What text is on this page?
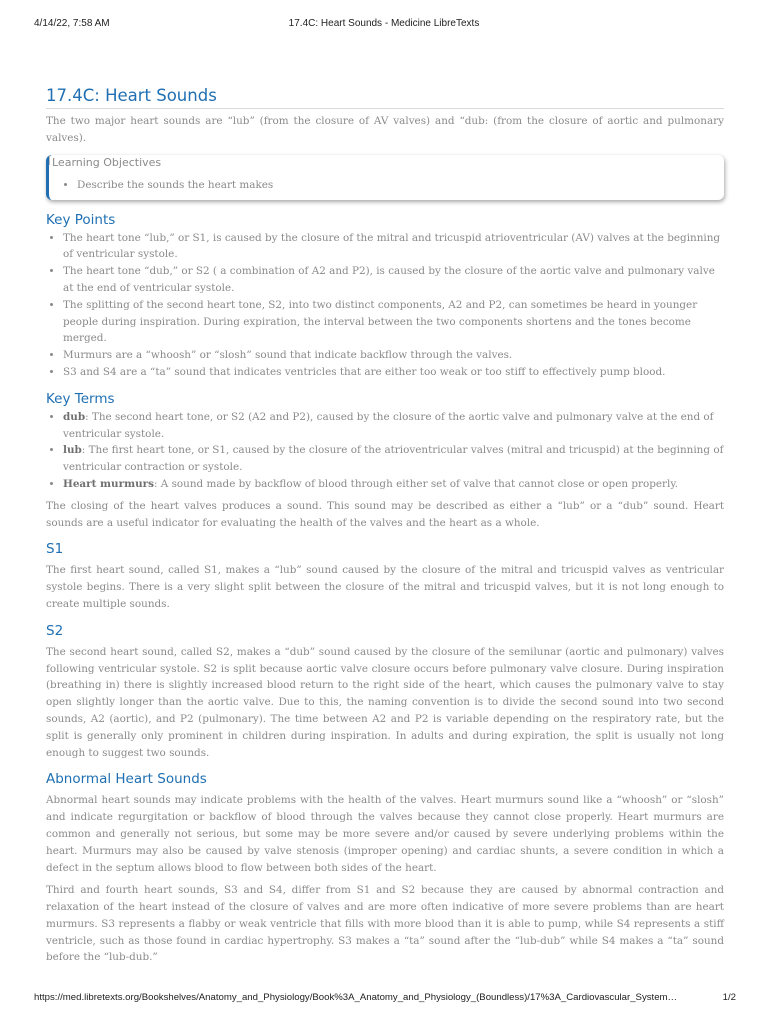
4/14/22, 7:58 AM	17.4C: Heart Sounds - Medicine LibreTexts
17.4C: Heart Sounds

The two major heart sounds are “lub” (from the closure of AV valves) and “dub: (from the closure of aortic and pulmonary valves).

Learning Objectives
• Describe the sounds the heart makes
Key Points
• The heart tone “lub,” or S1, is caused by the closure of the mitral and tricuspid atrioventricular (AV) valves at the beginning of ventricular systole.
• The heart tone “dub,” or S2 ( a combination of A2 and P2), is caused by the closure of the aortic valve and pulmonary valve at the end of ventricular systole.
• The splitting of the second heart tone, S2, into two distinct components, A2 and P2, can sometimes be heard in younger people during inspiration. During expiration, the interval between the two components shortens and the tones become merged.
• Murmurs are a “whoosh” or “slosh” sound that indicate backflow through the valves.
• S3 and S4 are a “ta” sound that indicates ventricles that are either too weak or too stiff to effectively pump blood.
Key Terms
• dub: The second heart tone, or S2 (A2 and P2), caused by the closure of the aortic valve and pulmonary valve at the end of ventricular systole.
• lub: The first heart tone, or S1, caused by the closure of the atrioventricular valves (mitral and tricuspid) at the beginning of ventricular contraction or systole.
• Heart murmurs: A sound made by backflow of blood through either set of valve that cannot close or open properly.

The closing of the heart valves produces a sound. This sound may be described as either a “lub” or a “dub” sound. Heart sounds are a useful indicator for evaluating the health of the valves and the heart as a whole.

S1

The first heart sound, called S1, makes a “lub” sound caused by the closure of the mitral and tricuspid valves as ventricular systole begins. There is a very slight split between the closure of the mitral and tricuspid valves, but it is not long enough to create multiple sounds.

S2

The second heart sound, called S2, makes a “dub” sound caused by the closure of the semilunar (aortic and pulmonary) valves following ventricular systole. S2 is split because aortic valve closure occurs before pulmonary valve closure. During inspiration (breathing in) there is slightly increased blood return to the right side of the heart, which causes the pulmonary valve to stay open slightly longer than the aortic valve. Due to this, the naming convention is to divide the second sound into two second sounds, A2 (aortic), and P2 (pulmonary). The time between A2 and P2 is variable depending on the respiratory rate, but the split is generally only prominent in children during inspiration. In adults and during expiration, the split is usually not long enough to suggest two sounds.

Abnormal Heart Sounds

Abnormal heart sounds may indicate problems with the health of the valves. Heart murmurs sound like a “whoosh” or “slosh” and indicate regurgitation or backflow of blood through the valves because they cannot close properly. Heart murmurs are common and generally not serious, but some may be more severe and/or caused by severe underlying problems within the heart. Murmurs may also be caused by valve stenosis (improper opening) and cardiac shunts, a severe condition in which a defect in the septum allows blood to flow between both sides of the heart.

Third and fourth heart sounds, S3 and S4, differ from S1 and S2 because they are caused by abnormal contraction and relaxation of the heart instead of the closure of valves and are more often indicative of more severe problems than are heart murmurs. S3 represents a flabby or weak ventricle that fills with more blood than it is able to pump, while S4 represents a stiff ventricle, such as those found in cardiac hypertrophy. S3 makes a “ta” sound after the “lub-dub” while S4 makes a “ta” sound before the “lub-dub.”

https://med.libretexts.org/Bookshelves/Anatomy_and_Physiology/Book%3A_Anatomy_and_Physiology_(Boundless)/17%3A_Cardiovascular_System…	1/2
